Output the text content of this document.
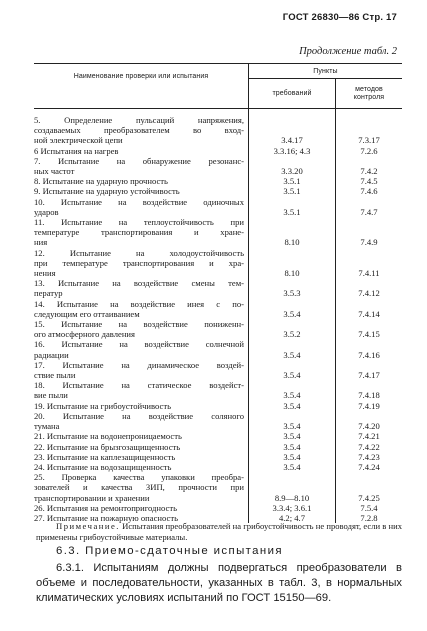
ГОСТ 26830—86 Стр. 17
Продолжение табл. 2
Наименование проверки или испытания	Пункты	
	требований	методов
контроля

5. Определение пульсаций напряжения,
создаваемых преобразователем во вход-
ной электрической цепи	3.4.17	7.3.17

6 Испытания на нагрев	3.3.16; 4.3	7.2.6

7. Испытание на обнаружение резонанс-
ных частот	3.3.20	7.4.2

8. Испытание на ударную прочность	3.5.1	7.4.5

9. Испытание на ударную устойчивость	3.5.1	7.4.6

10. Испытание на воздействие одиночных
ударов	3.5.1	7.4.7

11. Испытание на теплоустойчивость при
температуре транспортирования и хране-
ния	8.10	7.4.9

12. Испытание на холодоустойчивость
при температуре транспортирования и хра-
нения	8.10	7.4.11

13. Испытание на воздействие смены тем-
ператур	3.5.3	7.4.12

14. Испытание на воздействие инея с по-
следующим его оттаиванием	3.5.4	7.4.14

15. Испытание на воздействие пониженн-
ого атмосферного давления	3.5.2	7.4.15

16. Испытание на воздействие солнечной
радиации	3.5.4	7.4.16

17. Испытание на динамическое воздей-
ствие пыли	3.5.4	7.4.17

18. Испытание на статическое воздейст-
вие пыли	3.5.4	7.4.18

19. Испытание на грибоустойчивость	3.5.4	7.4.19

20. Испытание на воздействие соляного
тумана	3.5.4	7.4.20

21. Испытание на водонепроницаемость	3.5.4	7.4.21

22. Испытание на брызгозащищенность	3.5.4	7.4.22

23. Испытание на каплезащищенность	3.5.4	7.4.23

24. Испытание на водозащищенность	3.5.4	7.4.24

25. Проверка качества упаковки преобра-
зователей и качества ЗИП, прочности при
транспортировании и хранении	8.9—8.10	7.4.25

26. Испытания на ремонтопригодность	3.3.4; 3.6.1	7.5.4

27. Испытание на пожарную опасность	4.2; 4.7	7.2.8
Примечание. Испытания преобразователей на грибоустойчивость не проводят, если в них применены грибоустойчивые материалы.
6.3. Приемо-сдаточные испытания
6.3.1. Испытаниям должны подвергаться преобразователи в
объеме и последовательности, указанных в табл. 3, в нормальных
климатических условиях испытаний по ГОСТ 15150—69.
